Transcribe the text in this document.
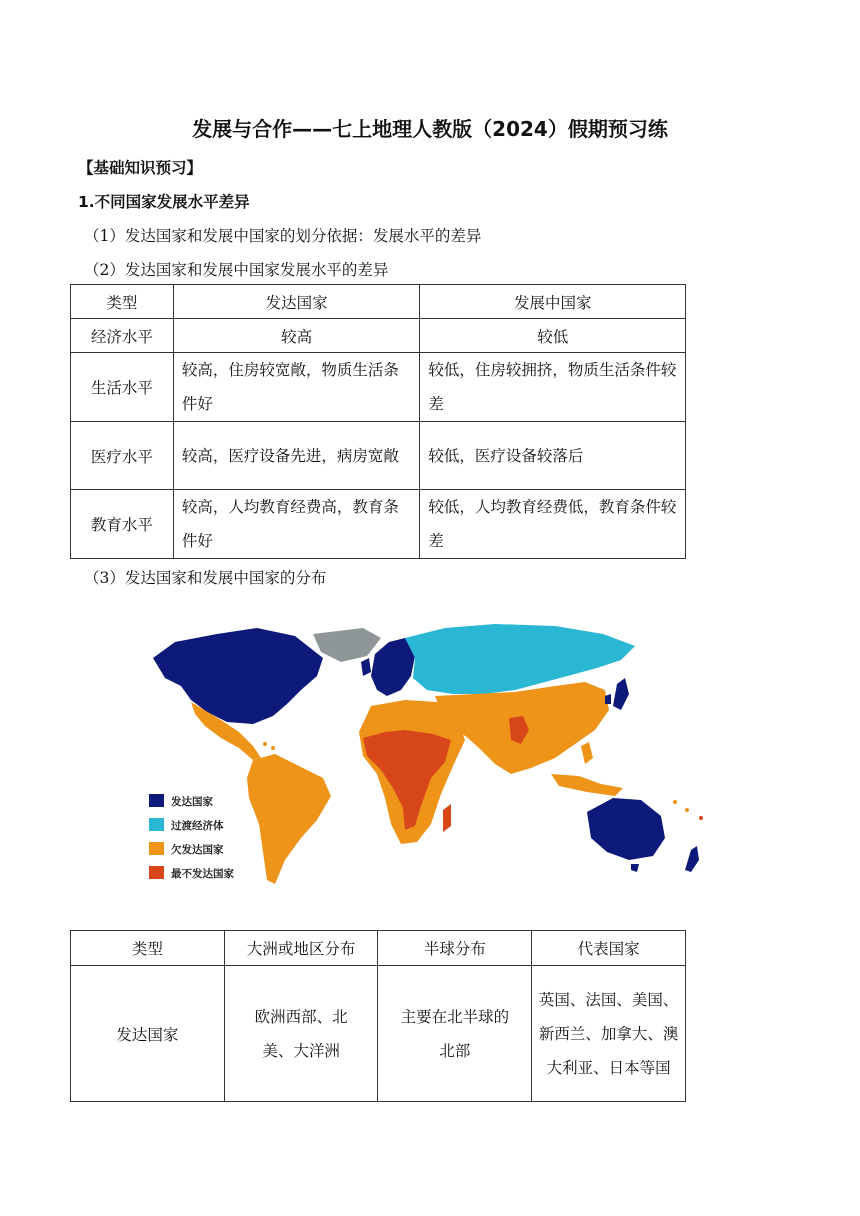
发展与合作——七上地理人教版（2024）假期预习练
【基础知识预习】
1.不同国家发展水平差异
（1）发达国家和发展中国家的划分依据：发展水平的差异
（2）发达国家和发展中国家发展水平的差异
类型	发达国家	发展中国家
经济水平	较高	较低
生活水平	较高，住房较宽敞，物质生活条件好	较低，住房较拥挤，物质生活条件较差
医疗水平	较高，医疗设备先进，病房宽敞	较低，医疗设备较落后
教育水平	较高，人均教育经费高，教育条件好	较低，人均教育经费低，教育条件较差
（3）发达国家和发展中国家的分布
发达国家
过渡经济体
欠发达国家
最不发达国家
类型	大洲或地区分布	半球分布	代表国家
发达国家	欧洲西部、北美、大洋洲	主要在北半球的北部	英国、法国、美国、新西兰、加拿大、澳大利亚、日本等国
